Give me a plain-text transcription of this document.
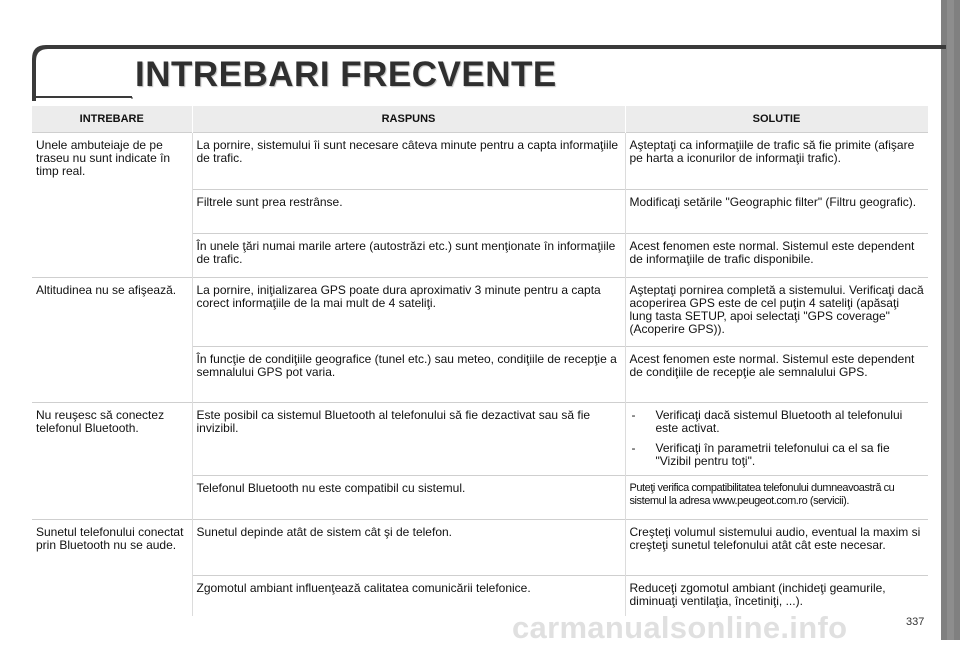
INTREBARI FRECVENTE
INTREBARE	RASPUNS	SOLUTIE
Unele ambuteiaje de pe traseu nu sunt indicate în timp real.	La pornire, sistemului îi sunt necesare câteva minute pentru a capta informaţiile de trafic.	Aşteptaţi ca informaţiile de trafic să fie primite (afişare pe harta a iconurilor de informaţii trafic).
	Filtrele sunt prea restrânse.	Modificaţi setările "Geographic filter" (Filtru geografic).
	În unele ţări numai marile artere (autostrăzi etc.) sunt menţionate în informaţiile de trafic.	Acest fenomen este normal. Sistemul este dependent de informaţiile de trafic disponibile.
Altitudinea nu se afişează.	La pornire, iniţializarea GPS poate dura aproximativ 3 minute pentru a capta corect informaţiile de la mai mult de 4 sateliţi.	Aşteptaţi pornirea completă a sistemului. Verificaţi dacă acoperirea GPS este de cel puţin 4 sateliţi (apăsaţi lung tasta SETUP, apoi selectaţi "GPS coverage" (Acoperire GPS)).
	În funcţie de condiţiile geografice (tunel etc.) sau meteo, condiţiile de recepţie a semnalului GPS pot varia.	Acest fenomen este normal. Sistemul este dependent de condiţiile de recepţie ale semnalului GPS.
Nu reuşesc să conectez telefonul Bluetooth.	Este posibil ca sistemul Bluetooth al telefonului să fie dezactivat sau să fie invizibil.	- Verificaţi dacă sistemul Bluetooth al telefonului este activat.
- Verificaţi în parametrii telefonului ca el sa fie "Vizibil pentru toţi".

	Telefonul Bluetooth nu este compatibil cu sistemul.	Puteţi verifica compatibilitatea telefonului dumneavoastră cu sistemul la adresa www.peugeot.com.ro (servicii).
Sunetul telefonului conectat prin Bluetooth nu se aude.	Sunetul depinde atât de sistem cât şi de telefon.	Creşteţi volumul sistemului audio, eventual la maxim si creşteţi sunetul telefonului atât cât este necesar.
	Zgomotul ambiant influenţează calitatea comunicării telefonice.	Reduceţi zgomotul ambiant (inchideţi geamurile, diminuaţi ventilaţia, încetiniţi, ...).
carmanualsonline.info	337
